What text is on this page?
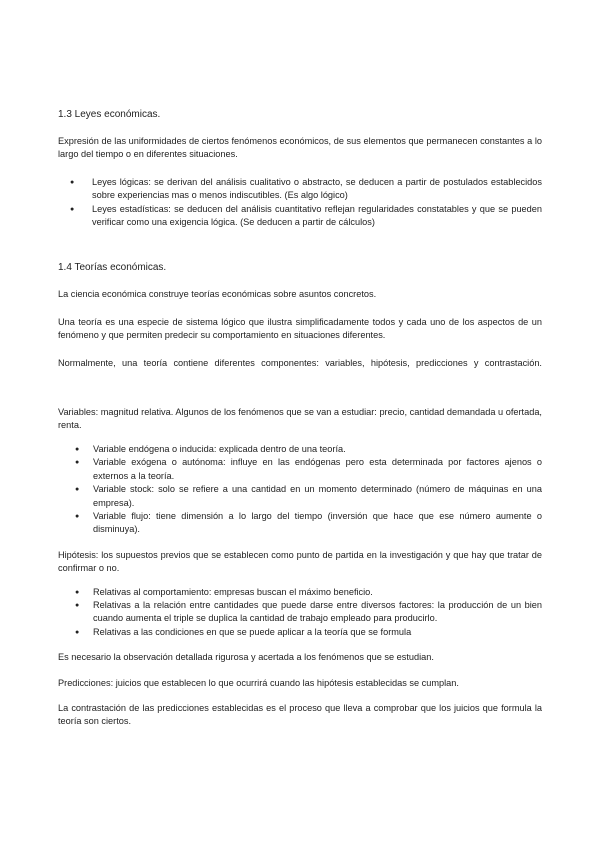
1.3 Leyes económicas.

Expresión de las uniformidades de ciertos fenómenos económicos, de sus elementos que permanecen constantes a lo largo del tiempo o en diferentes situaciones.

● Leyes lógicas: se derivan del análisis cualitativo o abstracto, se deducen a partir de postulados establecidos sobre experiencias mas o menos indiscutibles. (Es algo lógico)
● Leyes estadísticas: se deducen del análisis cuantitativo reflejan regularidades constatables y que se pueden verificar como una exigencia lógica. (Se deducen a partir de cálculos)
1.4 Teorías económicas.

La ciencia económica construye teorías económicas sobre asuntos concretos.

Una teoría es una especie de sistema lógico que ilustra simplificadamente todos y cada uno de los aspectos de un fenómeno y que permiten predecir su comportamiento en situaciones diferentes.

Normalmente, una teoría contiene diferentes componentes: variables, hipótesis, predicciones y contrastación.

Variables: magnitud relativa. Algunos de los fenómenos que se van a estudiar: precio, cantidad demandada u ofertada, renta.

● Variable endógena o inducida: explicada dentro de una teoría.
● Variable exógena o autónoma: influye en las endógenas pero esta determinada por factores ajenos o externos a la teoría.
● Variable stock: solo se refiere a una cantidad en un momento determinado (número de máquinas en una empresa).
● Variable flujo: tiene dimensión a lo largo del tiempo (inversión que hace que ese número aumente o disminuya).

Hipótesis: los supuestos previos que se establecen como punto de partida en la investigación y que hay que tratar de confirmar o no.

● Relativas al comportamiento: empresas buscan el máximo beneficio.
● Relativas a la relación entre cantidades que puede darse entre diversos factores: la producción de un bien cuando aumenta el triple se duplica la cantidad de trabajo empleado para producirlo.
● Relativas a las condiciones en que se puede aplicar a la teoría que se formula

Es necesario la observación detallada rigurosa y acertada a los fenómenos que se estudian.

Predicciones: juicios que establecen lo que ocurrirá cuando las hipótesis establecidas se cumplan.

La contrastación de las predicciones establecidas es el proceso que lleva a comprobar que los juicios que formula la teoría son ciertos.
